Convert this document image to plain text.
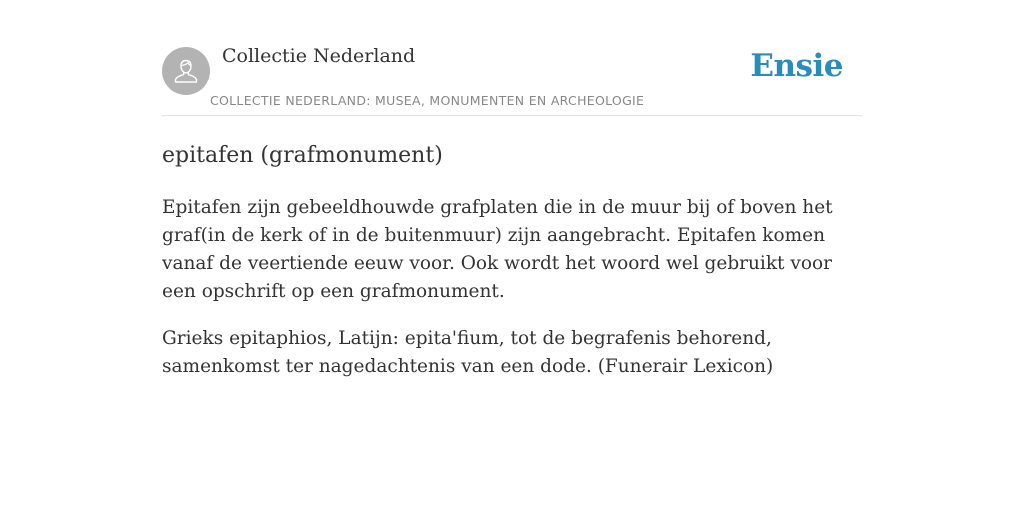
Collectie Nederland
COLLECTIE NEDERLAND: MUSEA, MONUMENTEN EN ARCHEOLOGIE
Ensie
epitafen (grafmonument)

Epitafen zijn gebeeldhouwde grafplaten die in de muur bij of boven het graf(in de kerk of in de buitenmuur) zijn aangebracht. Epitafen komen vanaf de veertiende eeuw voor. Ook wordt het woord wel gebruikt voor een opschrift op een grafmonument.

Grieks epitaphios, Latijn: epita'fium, tot de begrafenis behorend, samenkomst ter nagedachtenis van een dode. (Funerair Lexicon)
